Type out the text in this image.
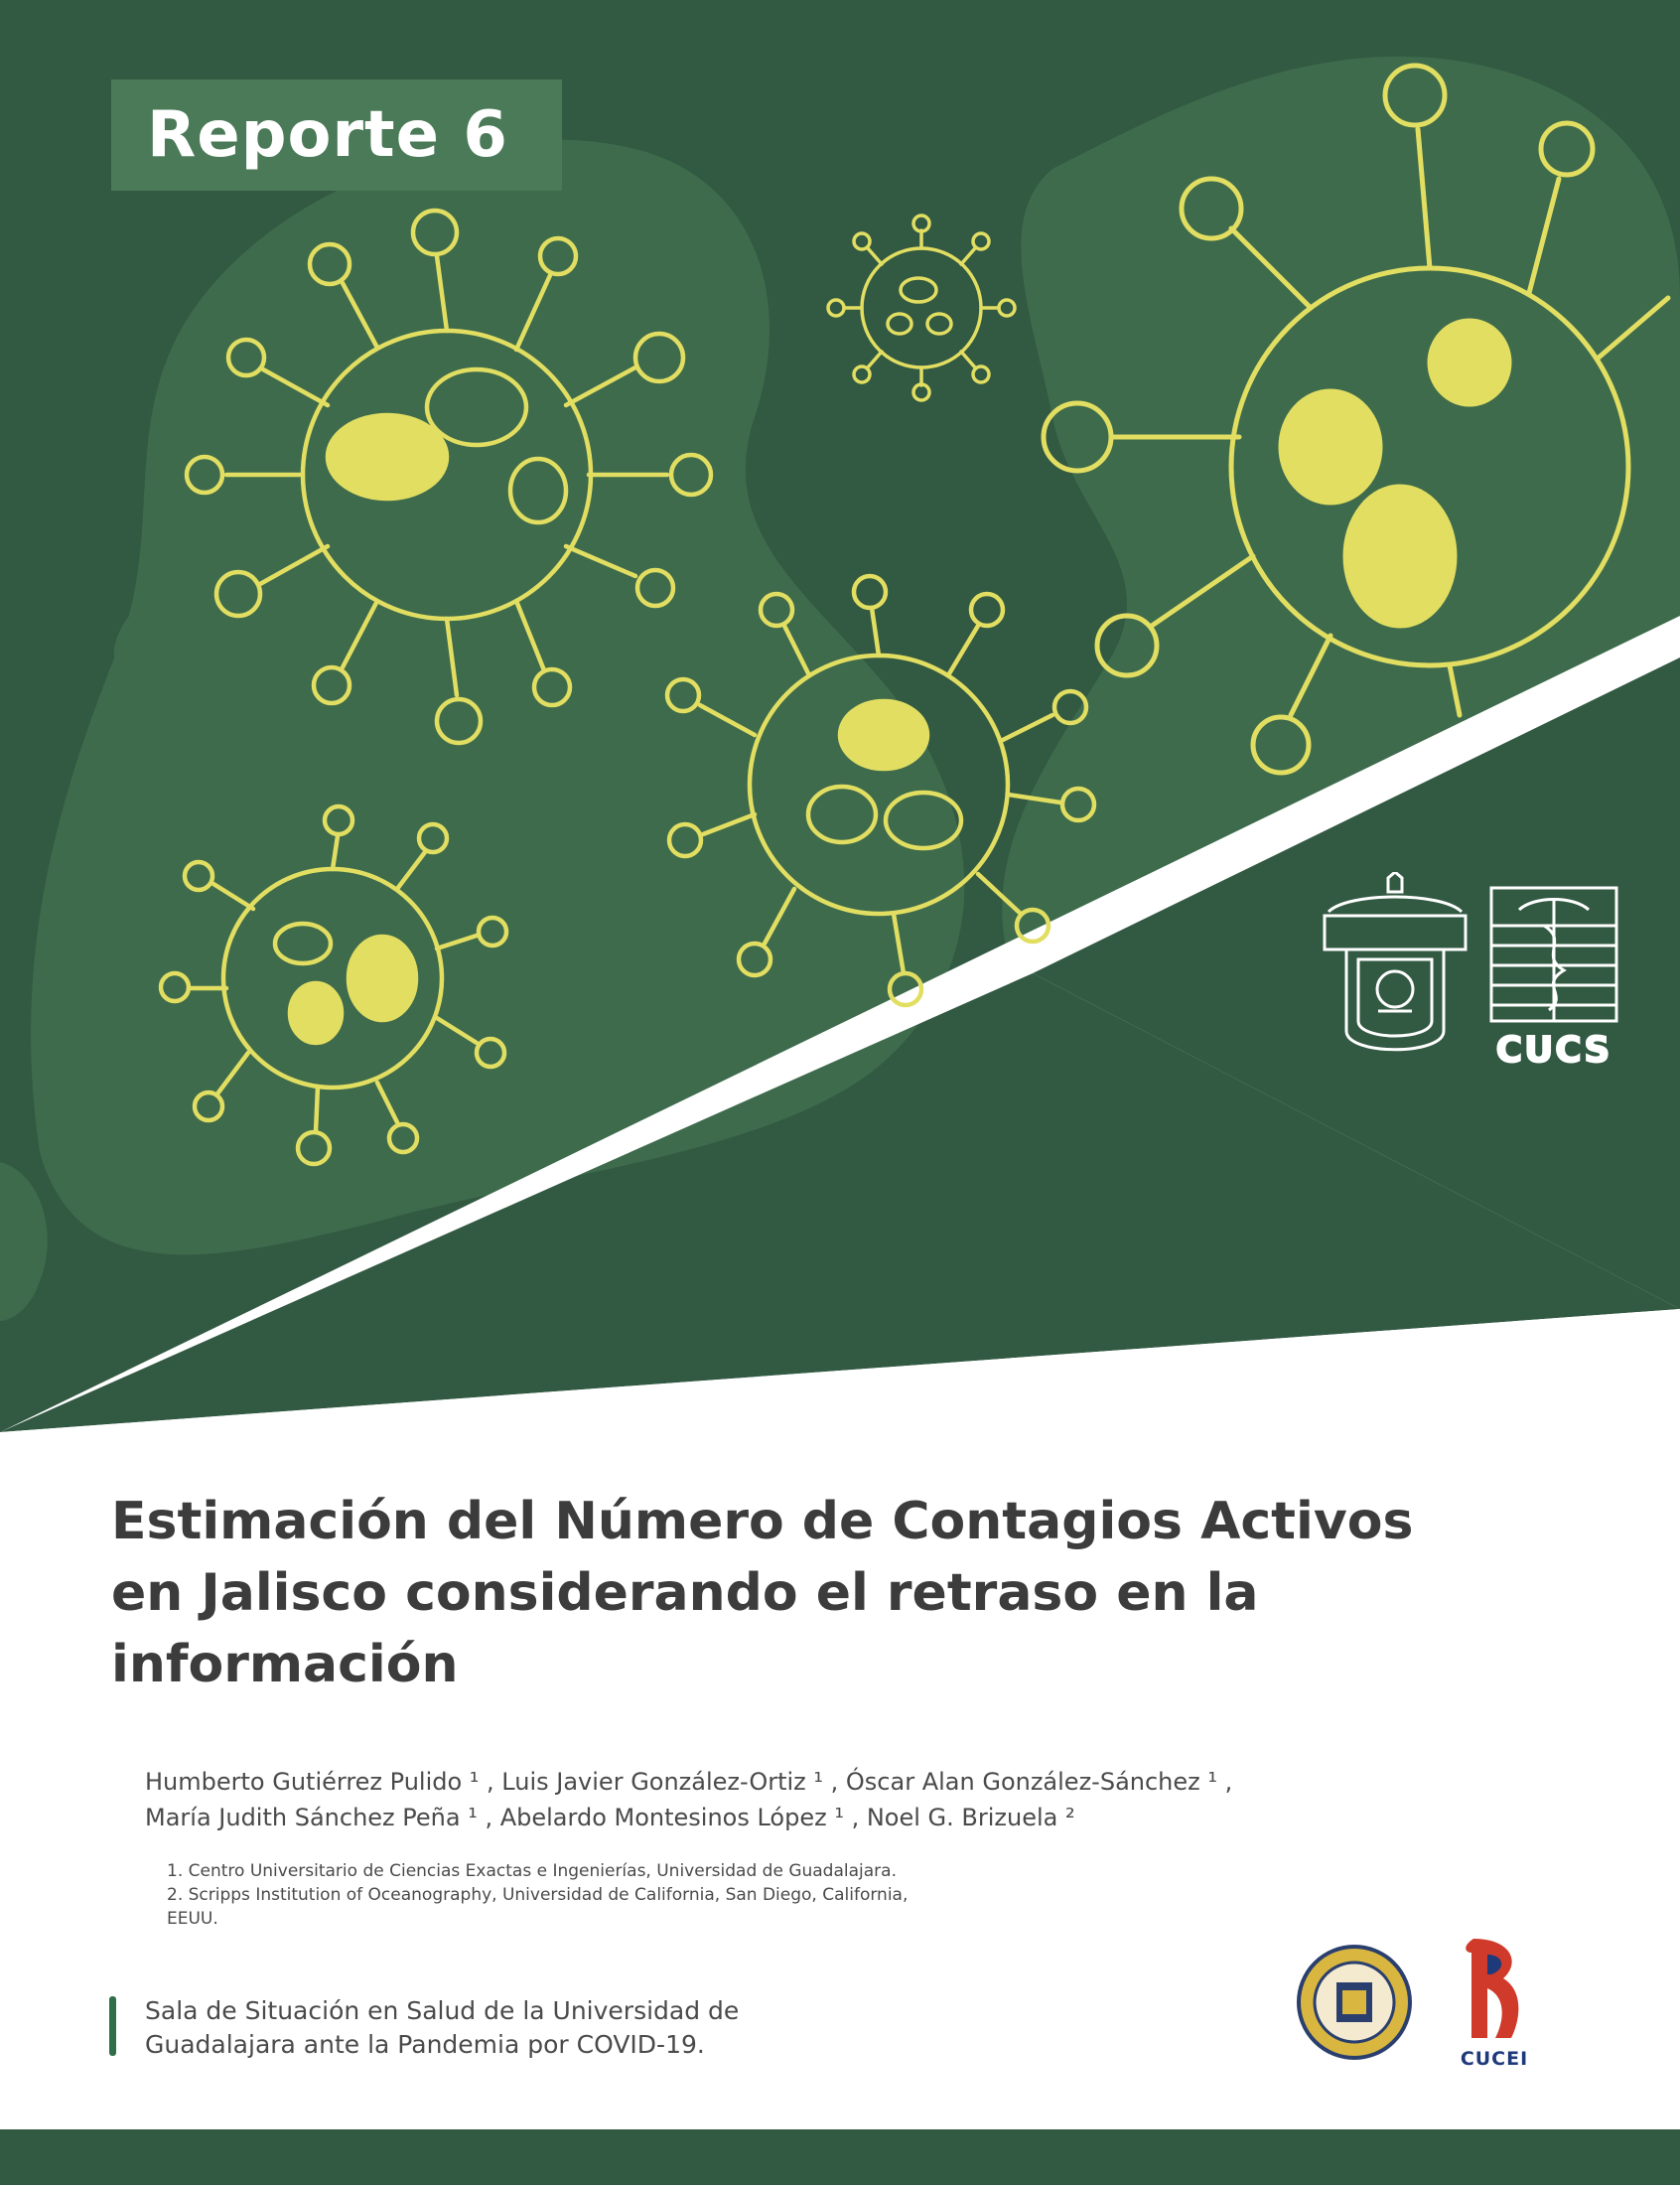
Reporte 6
CUCS
Estimación del Número de Contagios Activos
en Jalisco considerando el retraso en la
información

Humberto Gutiérrez Pulido ¹ , Luis Javier González-Ortiz ¹ , Óscar Alan González-Sánchez ¹ ,

María Judith Sánchez Peña ¹ , Abelardo Montesinos López ¹ , Noel G. Brizuela ²

1. Centro Universitario de Ciencias Exactas e Ingenierías, Universidad de Guadalajara.

2. Scripps Institution of Oceanography, Universidad de California, San Diego, California,

EEUU.

Sala de Situación en Salud de la Universidad de

Guadalajara ante la Pandemia por COVID-19.	CUCEI
